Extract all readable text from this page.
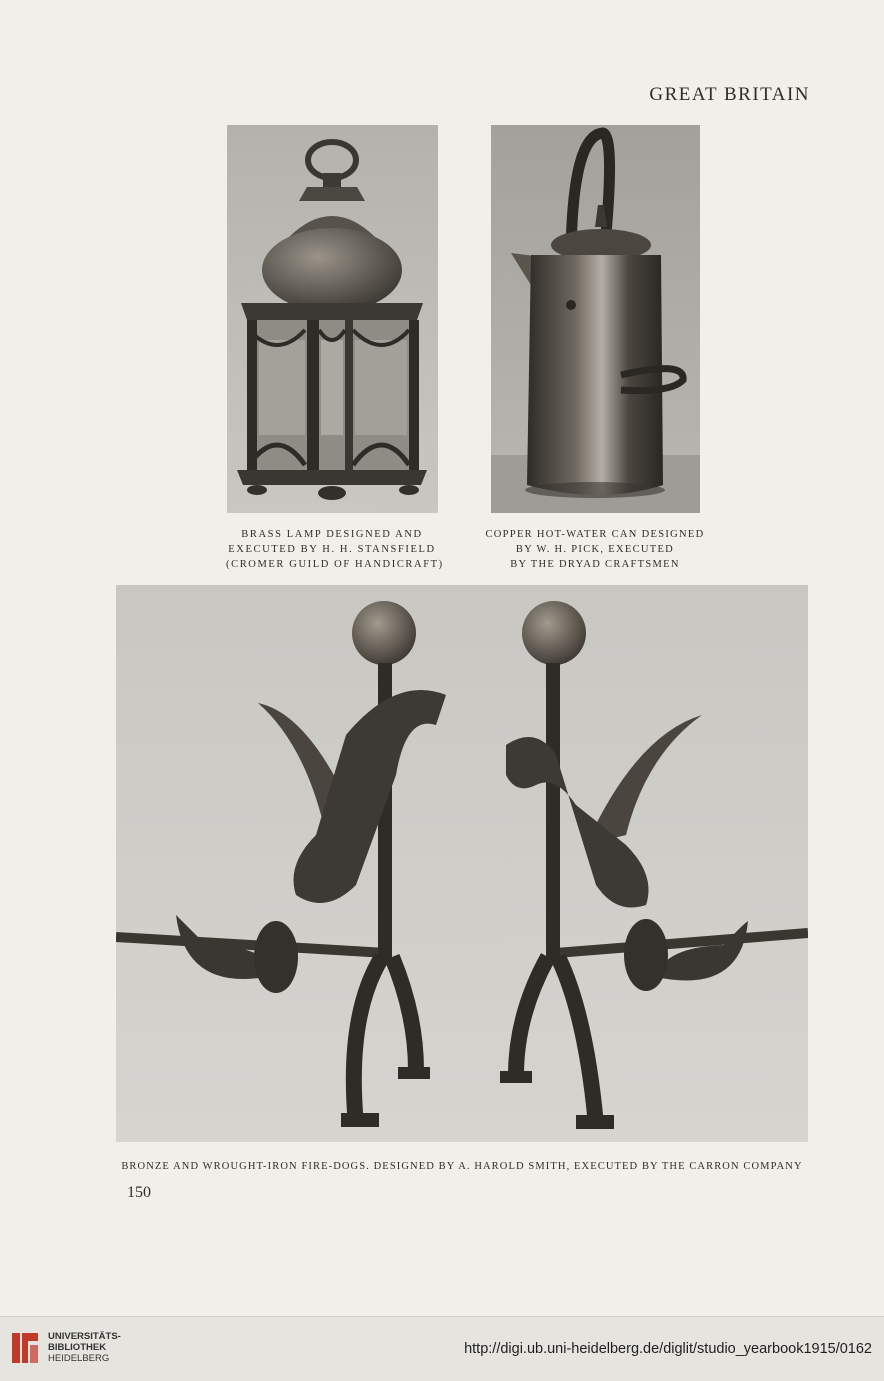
GREAT BRITAIN
BRASS LAMP DESIGNED AND
EXECUTED BY H. H. STANSFIELD
(CROMER GUILD OF HANDICRAFT)
COPPER HOT-WATER CAN DESIGNED
BY W. H. PICK, EXECUTED
BY THE DRYAD CRAFTSMEN
BRONZE AND WROUGHT-IRON FIRE-DOGS. DESIGNED BY A. HAROLD SMITH, EXECUTED BY THE CARRON COMPANY
150
UNIVERSITÄTS-
BIBLIOTHEK
HEIDELBERG
http://digi.ub.uni-heidelberg.de/diglit/studio_yearbook1915/0162
